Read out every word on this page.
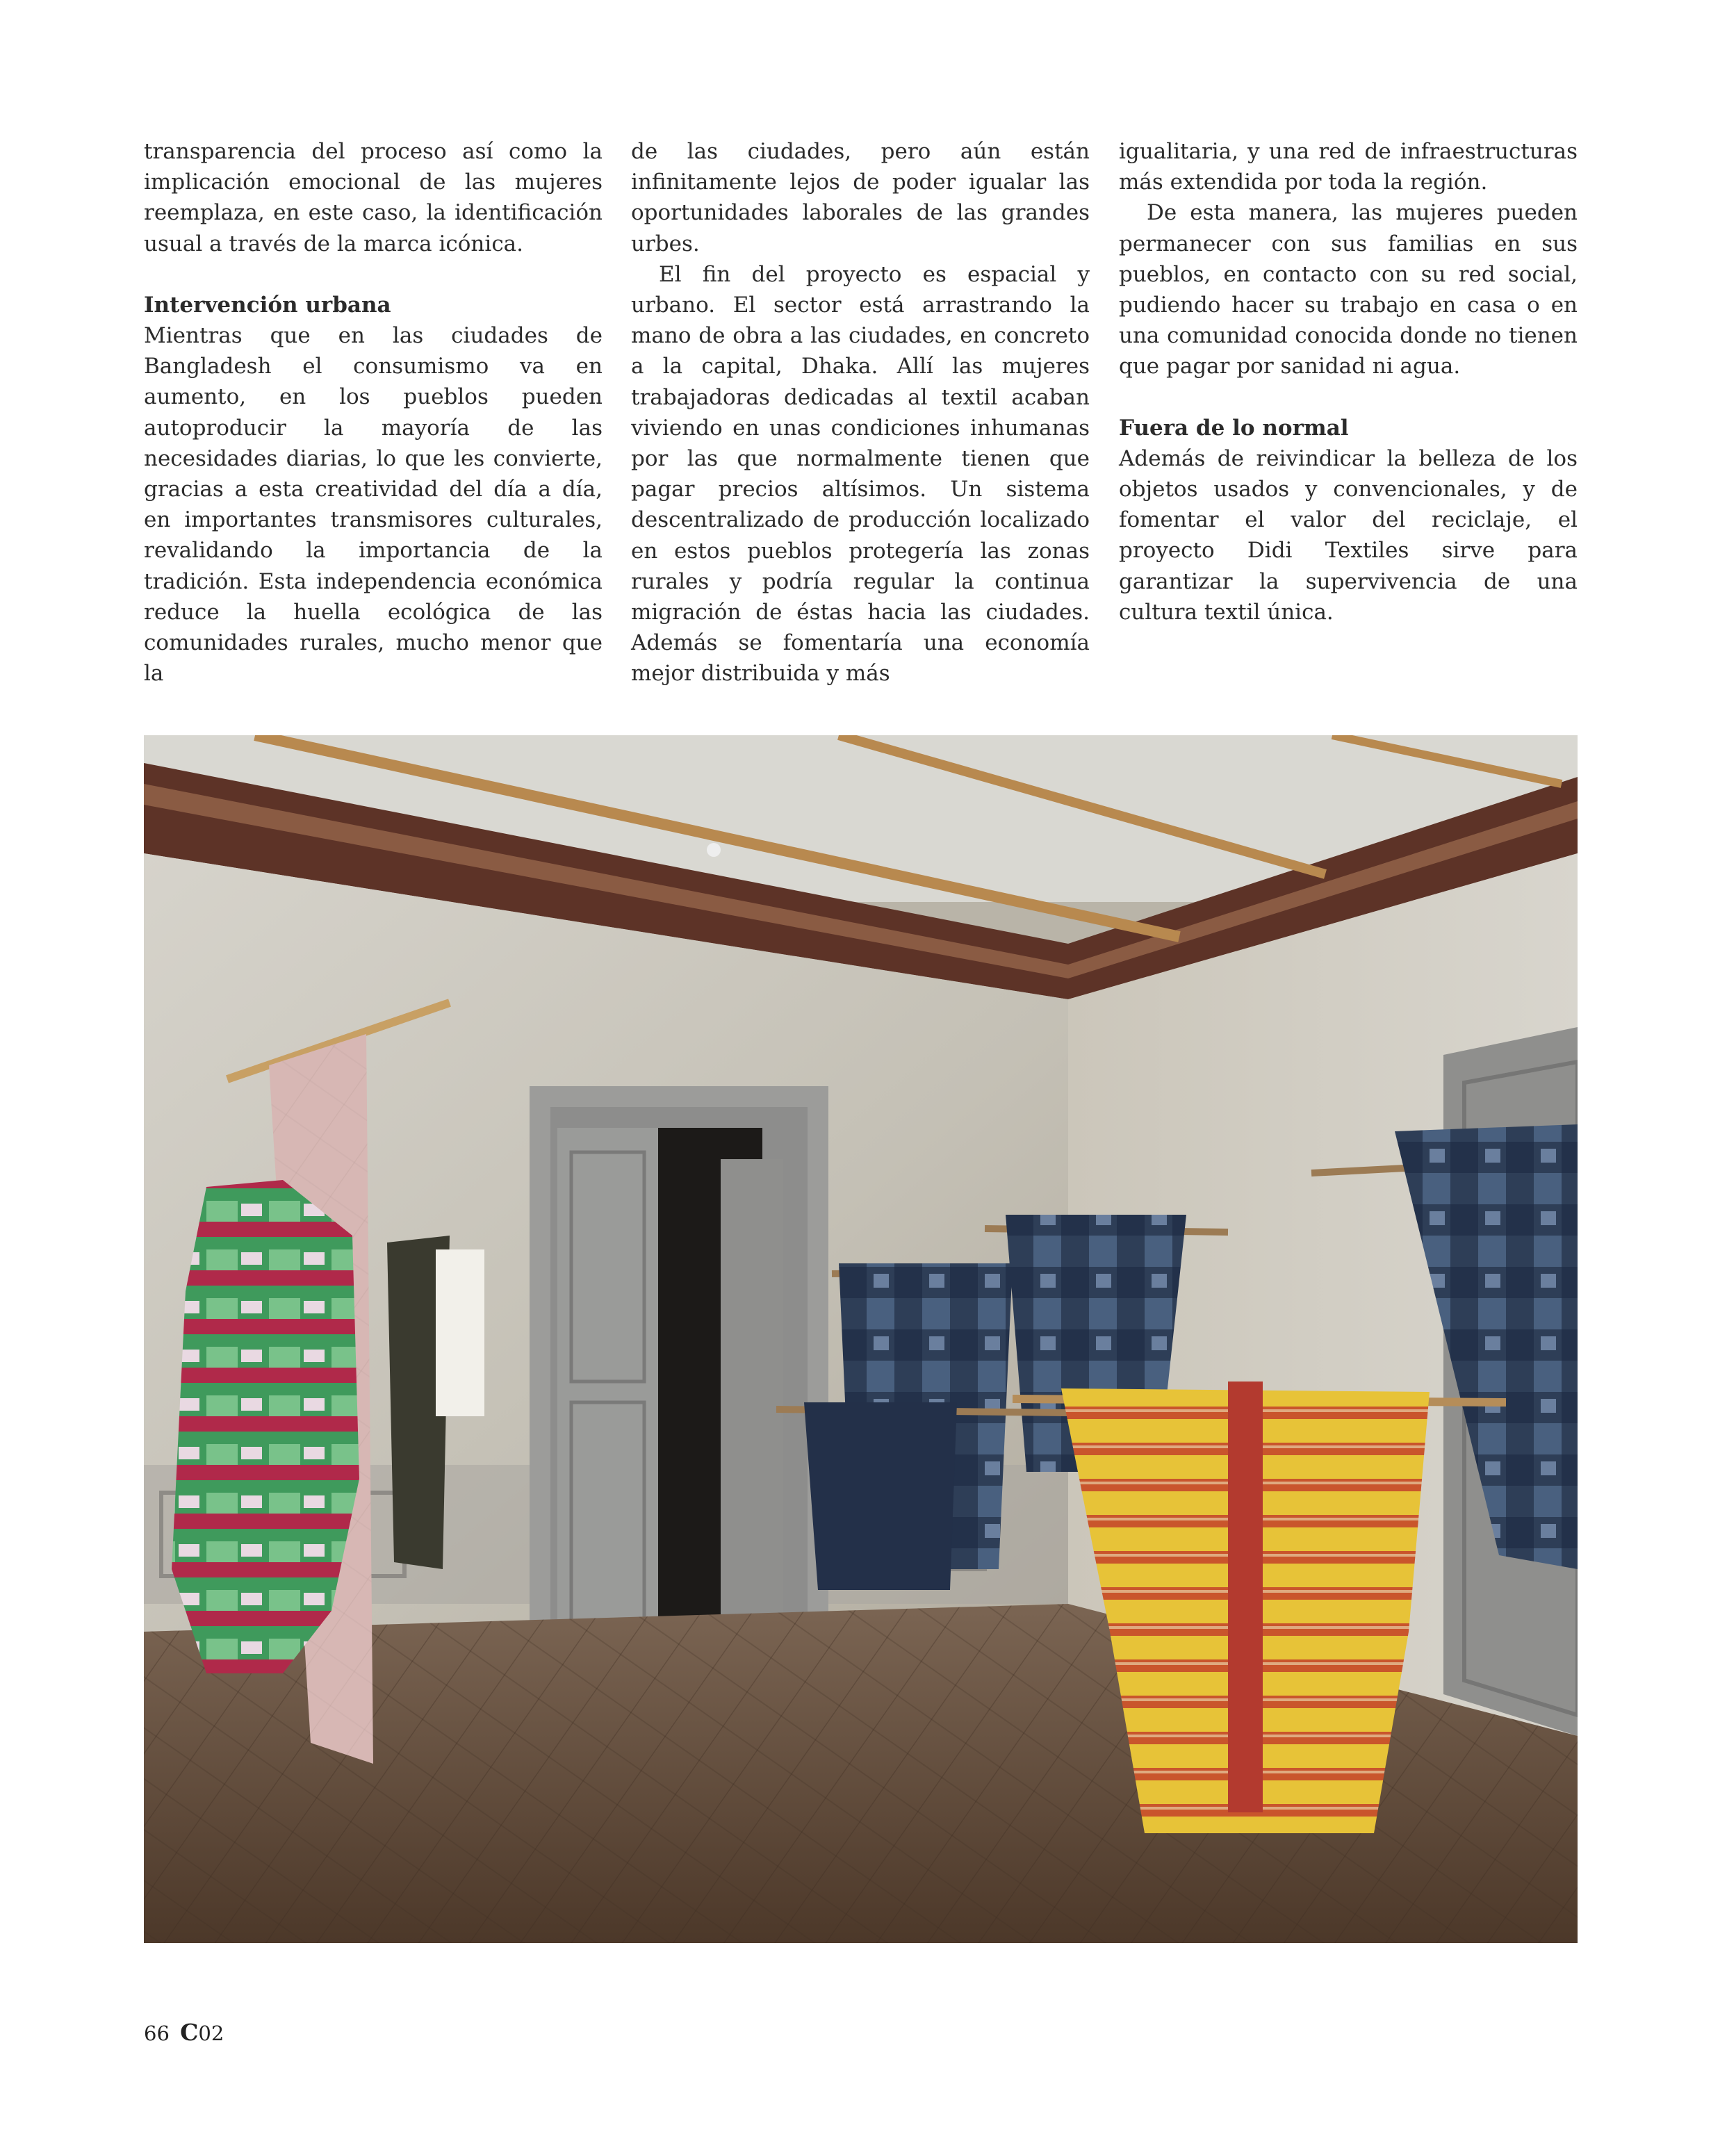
transparencia del proceso así como la implicación emocional de las mujeres reemplaza, en este caso, la identificación usual a través de la marca icónica.

Intervención urbana

Mientras que en las ciudades de Bangladesh el consumismo va en aumento, en los pueblos pueden autoproducir la mayoría de las necesidades diarias, lo que les convierte, gracias a esta creatividad del día a día, en importantes transmisores culturales, revalidando la importancia de la tradición. Esta independencia económica reduce la huella ecológica de las comunidades rurales, mucho menor que la

de las ciudades, pero aún están infinitamente lejos de poder igualar las oportunidades laborales de las grandes urbes.

El fin del proyecto es espacial y urbano. El sector está arrastrando la mano de obra a las ciudades, en concreto a la capital, Dhaka. Allí las mujeres trabajadoras dedicadas al textil acaban viviendo en unas condiciones inhumanas por las que normalmente tienen que pagar precios altísimos. Un sistema descentralizado de producción localizado en estos pueblos protegería las zonas rurales y podría regular la continua migración de éstas hacia las ciudades. Además se fomentaría una economía mejor distribuida y más

igualitaria, y una red de infraestructuras más extendida por toda la región.

De esta manera, las mujeres pueden permanecer con sus familias en sus pueblos, en contacto con su red social, pudiendo hacer su trabajo en casa o en una comunidad conocida donde no tienen que pagar por sanidad ni agua.

Fuera de lo normal

Además de reivindicar la belleza de los objetos usados y convencionales, y de fomentar el valor del reciclaje, el proyecto Didi Textiles sirve para garantizar la supervivencia de una cultura textil única.

66 C02
